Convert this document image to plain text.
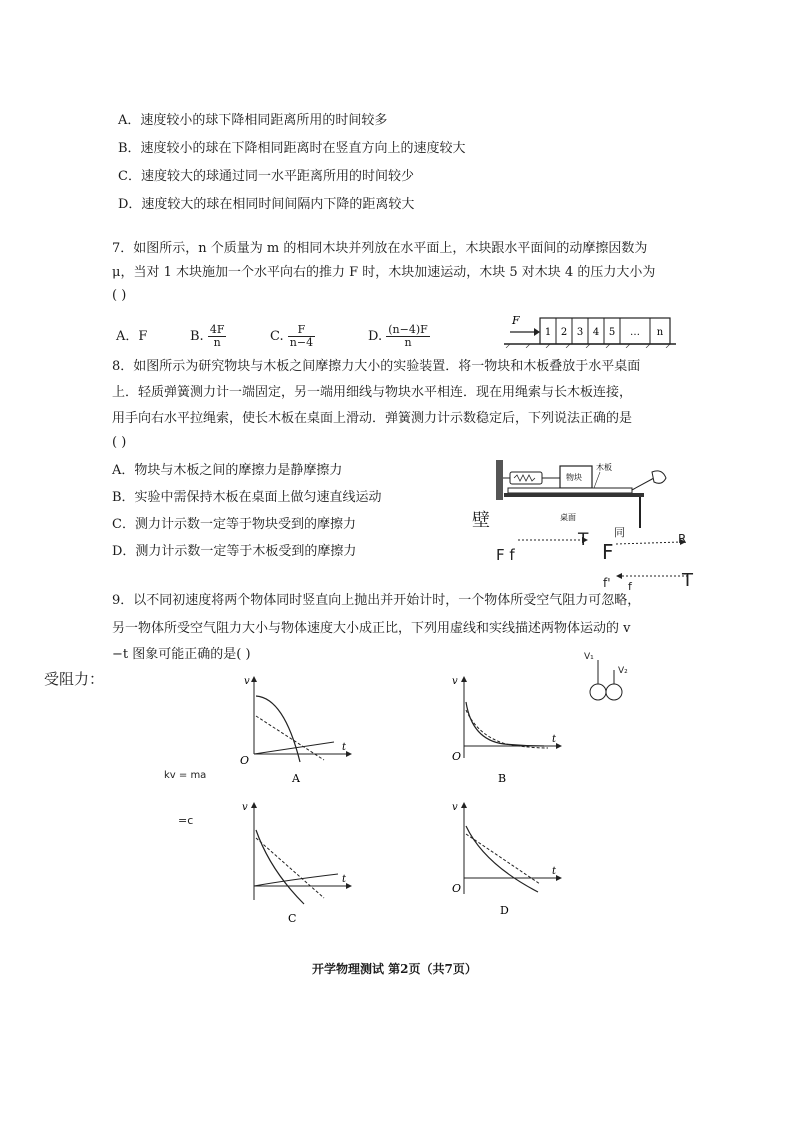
A．速度较小的球下降相同距离所用的时间较多
B．速度较小的球在下降相同距离时在竖直方向上的速度较大
C．速度较大的球通过同一水平距离所用的时间较少
D．速度较大的球在相同时间间隔内下降的距离较大
7．如图所示，n 个质量为 m 的相同木块并列放在水平面上，木块跟水平面间的动摩擦因数为
μ，当对 1 木块施加一个水平向右的推力 F 时，木块加速运动，木块 5 对木块 4 的压力大小为
( )
A．F	B. $\frac{4F}{n}$	C. $\frac{F}{n-4}$	D. $\frac{(n-4)F}{n}$
F
1 2 3 4 5 … n
8．如图所示为研究物块与木板之间摩擦力大小的实验装置．将一物块和木板叠放于水平桌面
上．轻质弹簧测力计一端固定，另一端用细线与物块水平相连．现在用绳索与长木板连接，
用手向右水平拉绳索，使长木板在桌面上滑动．弹簧测力计示数稳定后，下列说法正确的是
( )
A．物块与木板之间的摩擦力是静摩擦力
B．实验中需保持木板在桌面上做匀速直线运动
C．测力计示数一定等于物块受到的摩擦力
D．测力计示数一定等于木板受到的摩擦力
物块
木板
桌面
壁
F f
T F
同	R
f' f	T
9．以不同初速度将两个物体同时竖直向上抛出并开始计时，一个物体所受空气阻力可忽略，
另一物体所受空气阻力大小与物体速度大小成正比，下列用虚线和实线描述两物体运动的 v
−t 图象可能正确的是( )
受阻力：
kv = ma
=c
V₁
V₂
v
t
O
A
v
t
O
B
v
t
C
v
t
O
D
开学物理测试 第2页（共7页）
